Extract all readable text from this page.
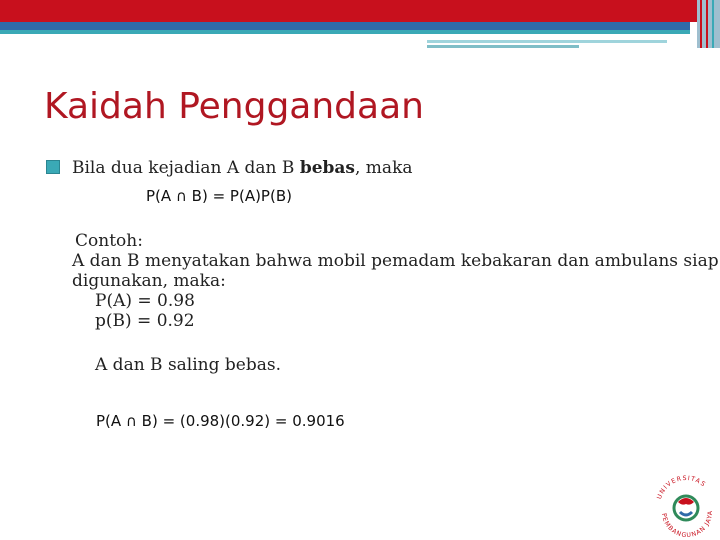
Kaidah Penggandaan
Bila dua kejadian A dan B bebas, maka
P(A ∩ B) = P(A)P(B)
Contoh:
A dan B menyatakan bahwa mobil pemadam kebakaran dan ambulans siap
digunakan, maka:
P(A) = 0.98
p(B) = 0.92
A dan B saling bebas.
P(A ∩ B) = (0.98)(0.92) = 0.9016
UNIVERSITAS
PEMBANGUNAN JAYA
